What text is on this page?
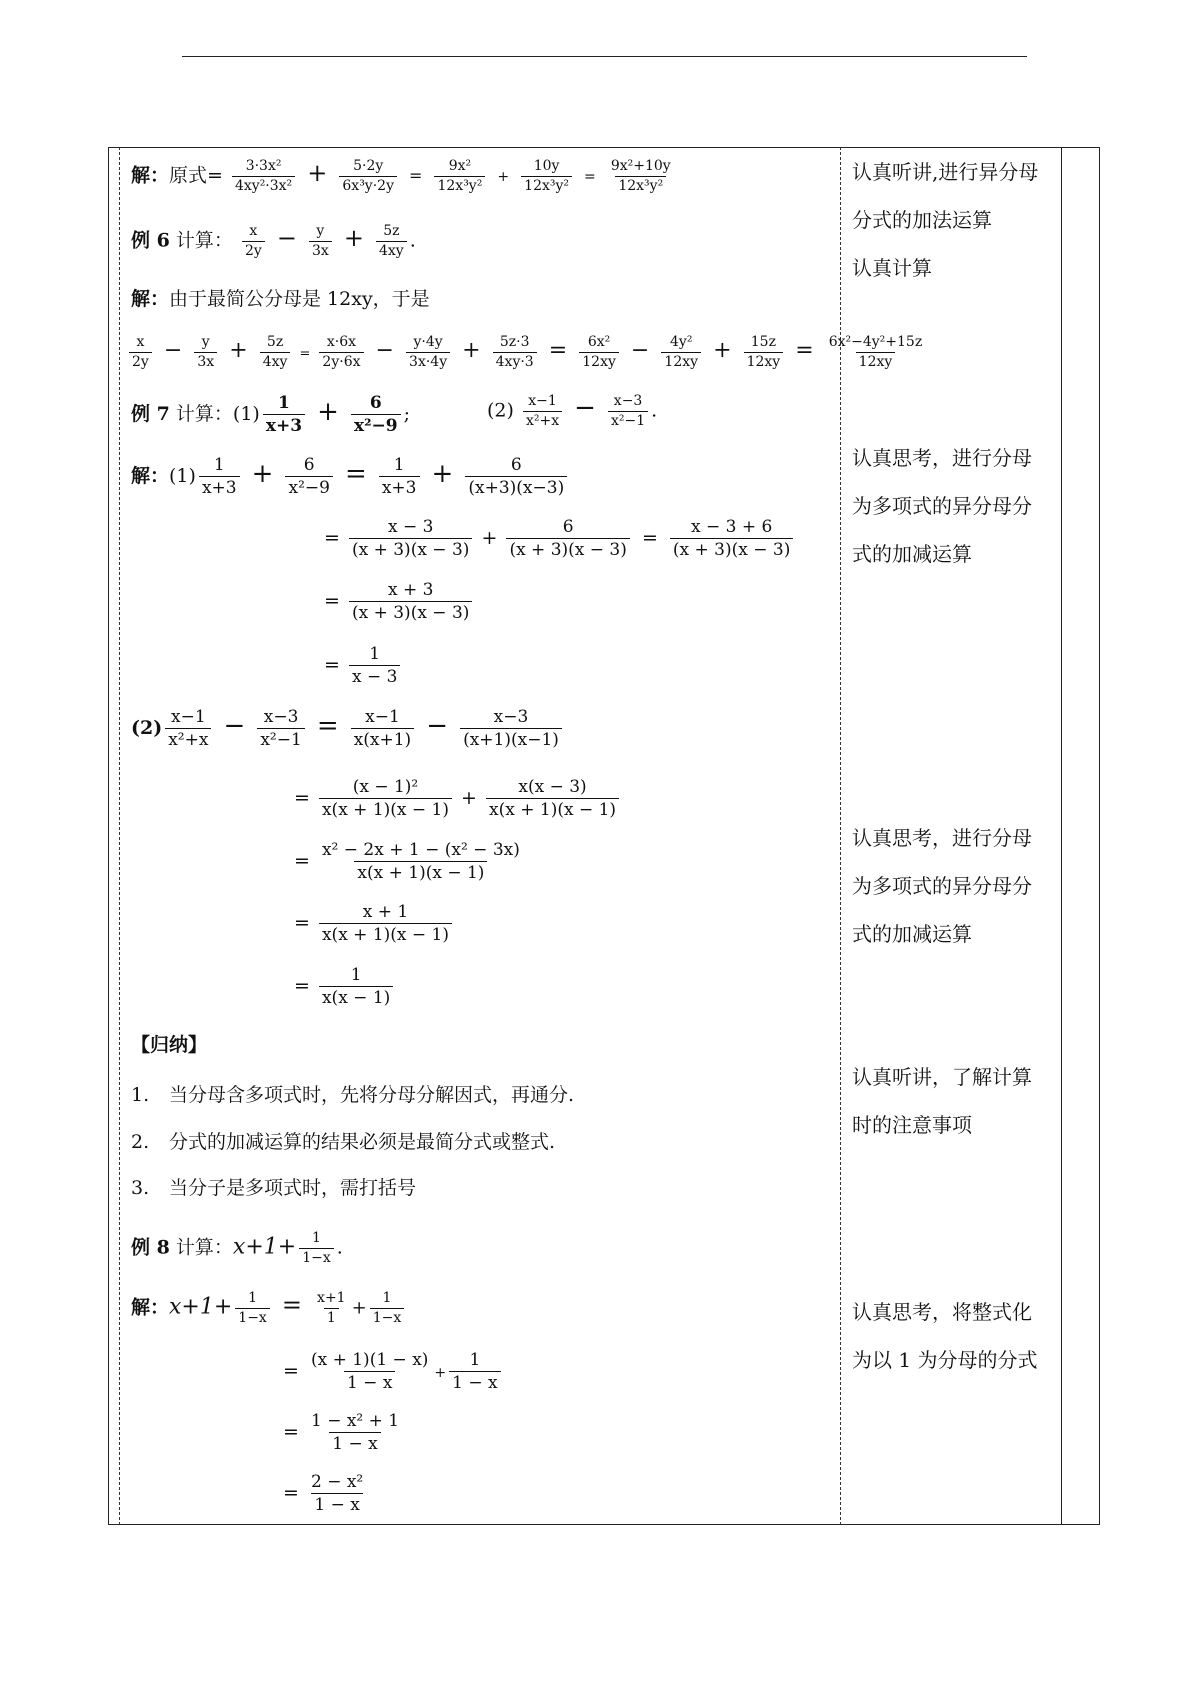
解：原式= $\frac{\text{3·3x²}}{\text{4xy²·3x²}} + \frac{5\cdot 2y}{\text{6x³y·2y}} = \frac{\text{9x²}}{\text{12x³y²}} + \frac{10y}{\text{12x³y²}} = \frac{\text{9x²+10y}}{\text{12x³y²}}$
例 6 计算： $\frac{x}{2y} - \frac{y}{3x} + \frac{5z}{4xy}$ .
解：由于最简公分母是 12xy，于是
$\frac{x}{2y} - \frac{y}{3x} + \frac{5z}{4xy} = \frac{x\cdot 6x}{2y\cdot 6x} - \frac{y\cdot 4y}{3x\cdot 4y} + \frac{5z\cdot 3}{4xy\cdot 3} = \frac{\text{6x²}}{12xy} - \frac{\text{4y²}}{12xy} + \frac{15z}{12xy} = \frac{\text{6x²−4y²+15z}}{12xy}$
例 7 计算：$(1) \frac{1}{x+3} + \frac{6}{\text{x²−9}}$ ;	$(2) \frac{x-1}{\text{x²+x}} - \frac{x-3}{\text{x²−1}}$ .
解：$(1) \frac{1}{x+3} + \frac{6}{\text{x²−9}} = \frac{1}{x+3} + \frac{6}{(x+3)(x-3)}$
= $\frac{x - 3}{(x + 3)(x - 3)} + \frac{6}{(x + 3)(x - 3)} = \frac{x - 3 + 6}{(x + 3)(x - 3)}$
= $\frac{x + 3}{(x + 3)(x - 3)}$
= $\frac{1}{x - 3}$
$(2) \frac{x-1}{\text{x²+x}} - \frac{x-3}{\text{x²−1}} = \frac{x-1}{x(x+1)} - \frac{x-3}{(x+1)(x-1)}$
= $\frac{\text{(x − 1)²}}{x(x + 1)(x - 1)} + \frac{x(x - 3)}{x(x + 1)(x - 1)}$
= $\frac{\text{x² − 2x + 1 − (x² − 3x)}}{x(x + 1)(x - 1)}$
= $\frac{x + 1}{x(x + 1)(x - 1)}$
= $\frac{1}{x(x - 1)}$
【归纳】
1. 当分母含多项式时，先将分母分解因式，再通分.
2. 分式的加减运算的结果必须是最简分式或整式.
3. 当分子是多项式时，需打括号
例 8 计算：$x+1+ \frac{1}{1-x}$ .
解：$x+1+ \frac{1}{1-x} = \frac{x+1}{1} + \frac{1}{1-x}$
= $\frac{(x + 1)(1 - x)}{1 - x} + \frac{1}{1 - x}$
= $\frac{\text{1 − x² + 1}}{1 - x}$
= $\frac{\text{2 − x²}}{1 - x}$
认真听讲,进行异分母
分式的加法运算
认真计算
认真思考，进行分母
为多项式的异分母分
式的加减运算
认真思考，进行分母
为多项式的异分母分
式的加减运算
认真听讲，了解计算
时的注意事项
认真思考，将整式化
为以 1 为分母的分式
